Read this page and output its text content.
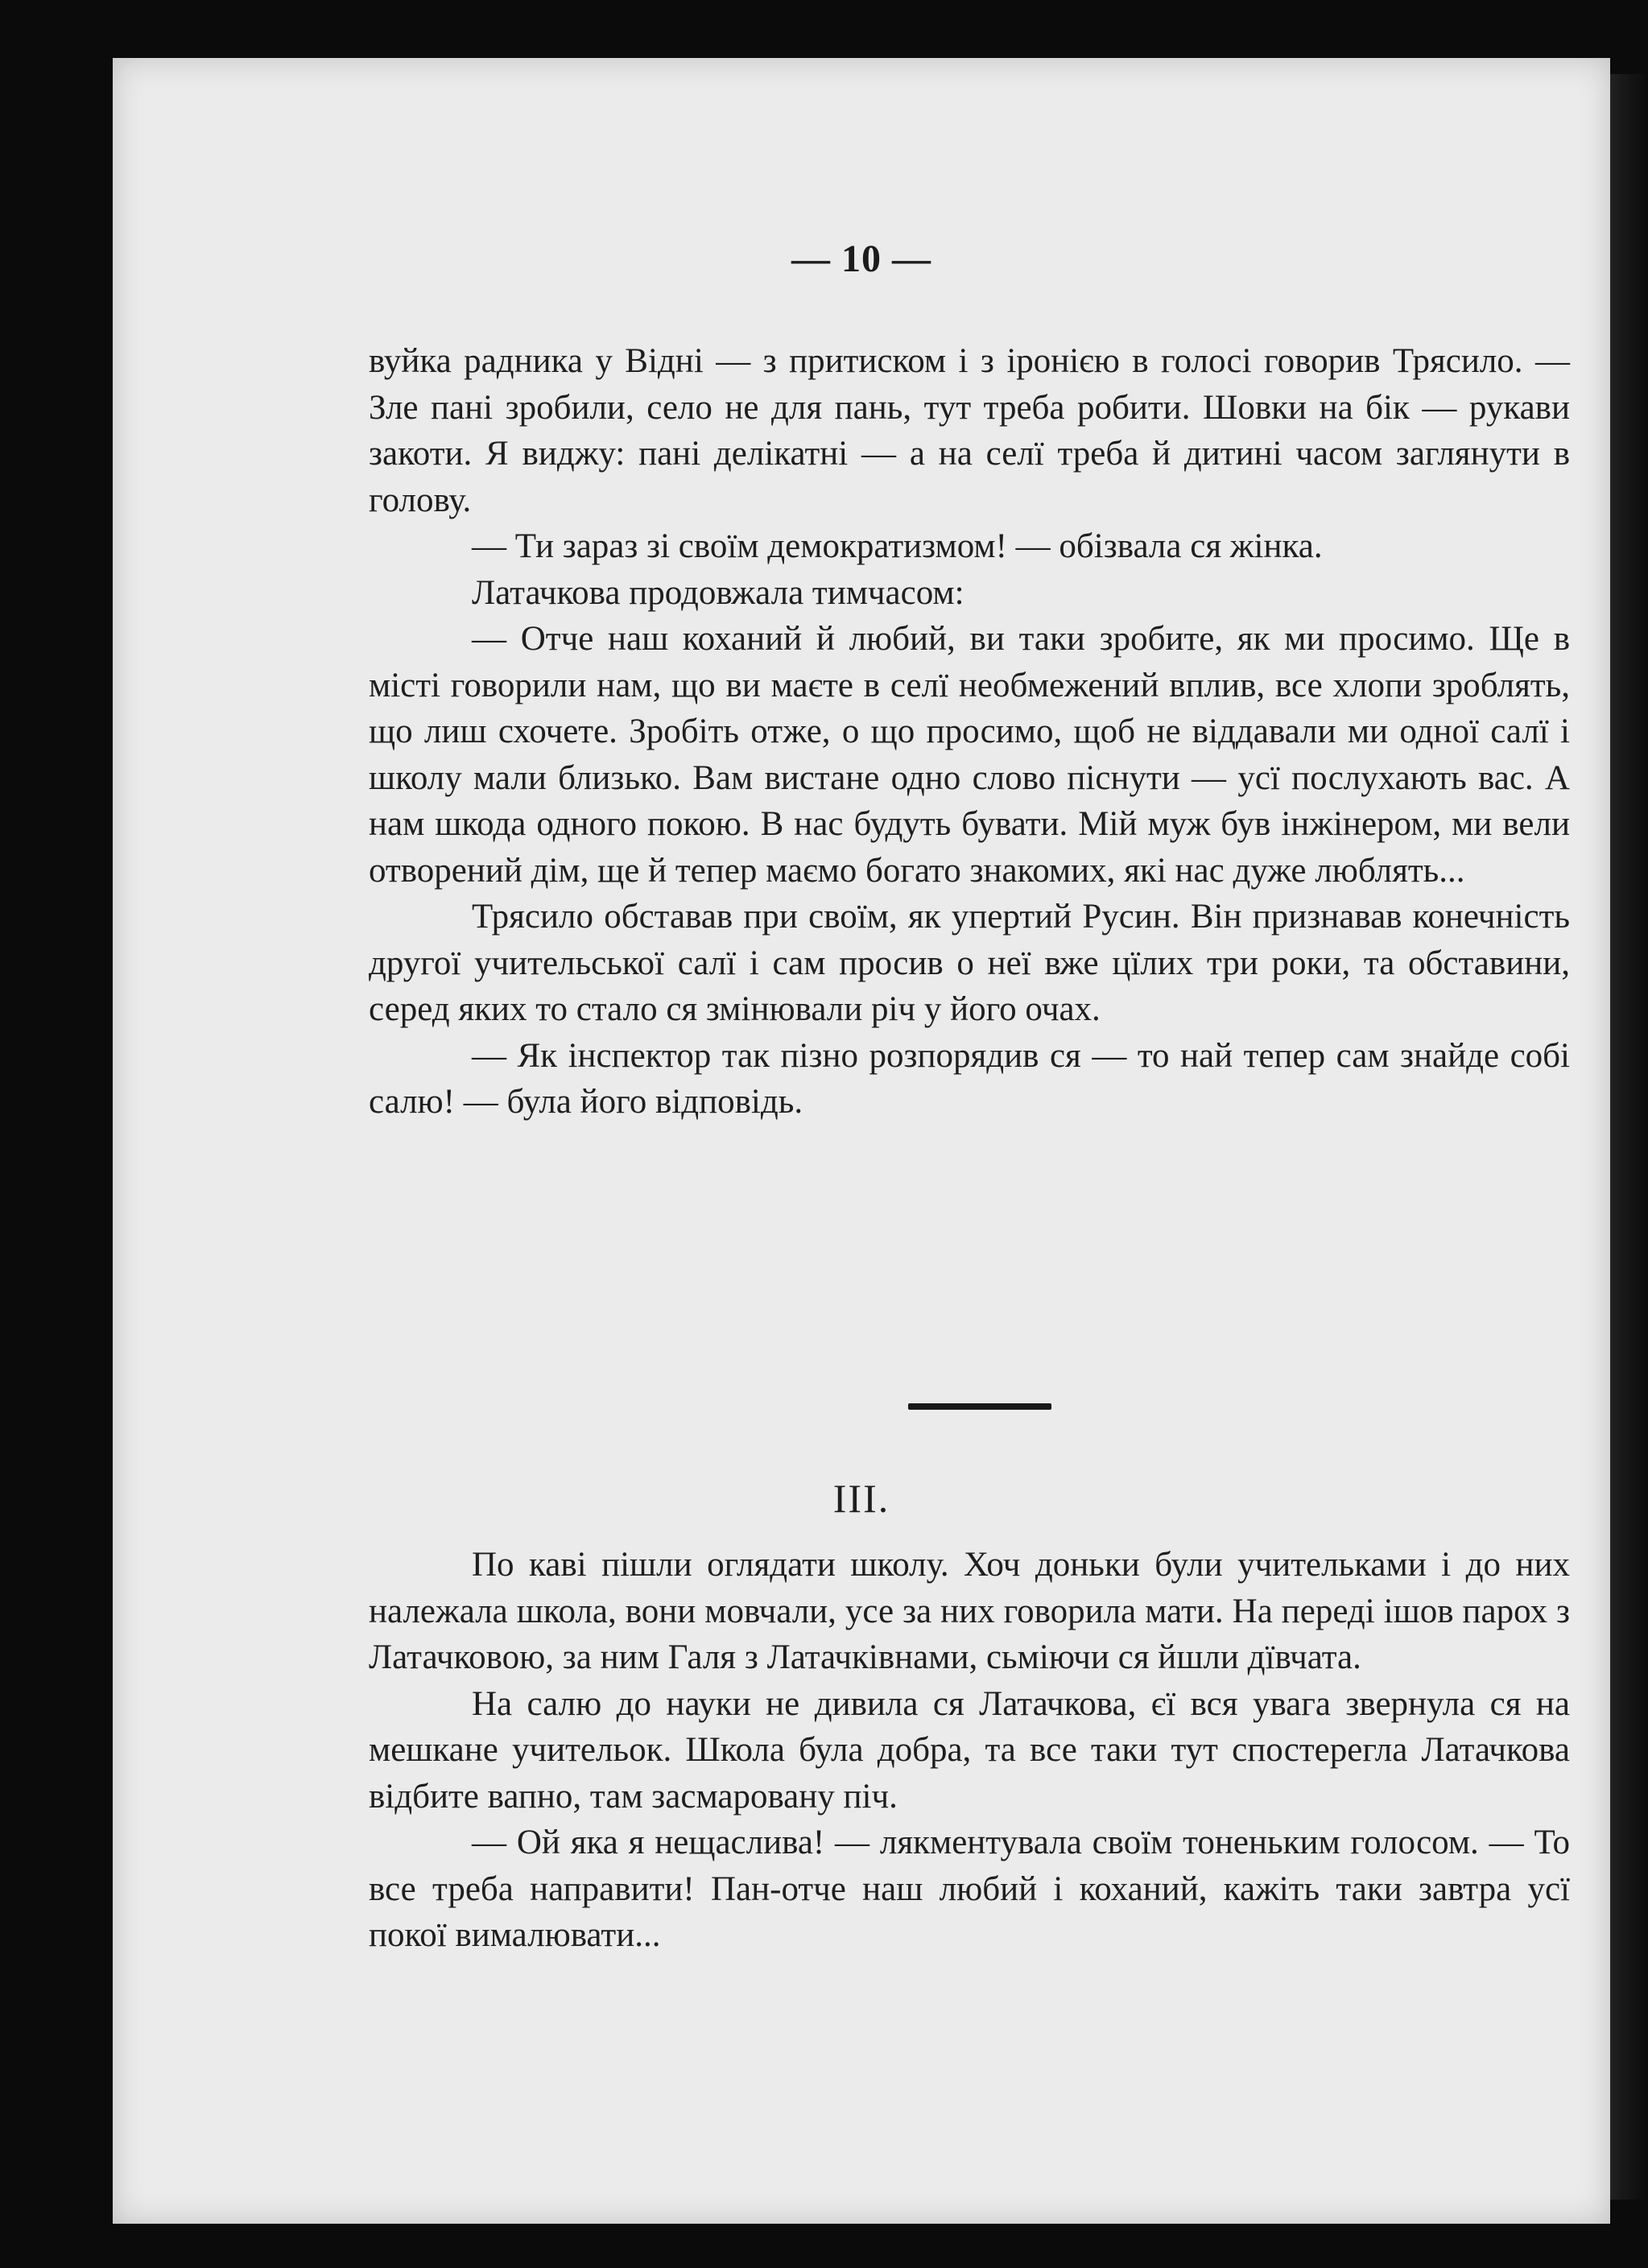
— 10 —

вуйка радника у Відні — з притиском і з іронією в голосі говорив Трясило. — Зле пані зробили, село не для пань, тут треба робити. Шовки на бік — рукави закоти. Я виджу: пані делікатні — а на селї треба й дитині часом заглянути в голову.

— Ти зараз зі своїм демократизмом! — обізвала ся жінка.

Латачкова продовжала тимчасом:

— Отче наш коханий й любий, ви таки зробите, як ми просимо. Ще в місті говорили нам, що ви маєте в селї необмежений вплив, все хлопи зроблять, що лиш схочете. Зробіть отже, о що просимо, щоб не віддавали ми одної салї і школу мали близько. Вам вистане одно слово піснути — усї послухають вас. А нам шкода одного покою. В нас будуть бувати. Мій муж був інжінером, ми вели отворений дім, ще й тепер маємо богато знакомих, які нас дуже люблять...

Трясило обставав при своїм, як упертий Русин. Він признавав конечність другої учительської салї і сам просив о неї вже цїлих три роки, та обставини, серед яких то стало ся змінювали річ у його очах.

— Як інспектор так пізно розпорядив ся — то най тепер сам знайде собі салю! — була його відповідь.

III.

По каві пішли оглядати школу. Хоч доньки були учительками і до них належала школа, вони мовчали, усе за них говорила мати. На переді ішов парох з Латачковою, за ним Галя з Латачківнами, сьміючи ся йшли дївчата.

На салю до науки не дивила ся Латачкова, єї вся увага звернула ся на мешкане учительок. Школа була добра, та все таки тут спостерегла Латачкова відбите вапно, там засмаровану піч.

— Ой яка я нещаслива! — лякментувала своїм тоненьким голосом. — То все треба направити! Пан-отче наш любий і коханий, кажіть таки завтра усї покої вималювати...
